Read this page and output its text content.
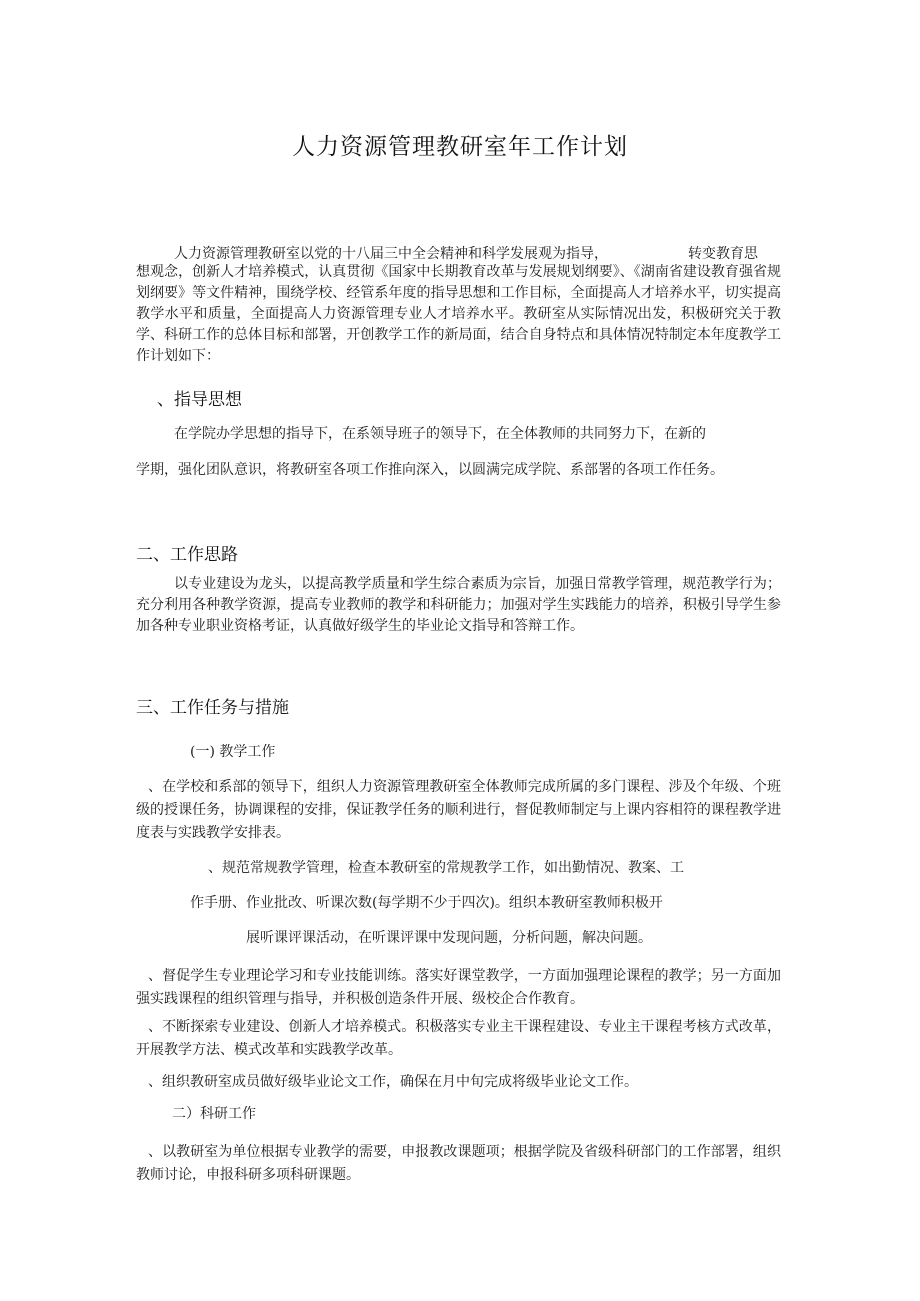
人力资源管理教研室年工作计划

人力资源管理教研室以党的十八届三中全会精神和科学发展观为指导，	转变教育思

想观念，创新人才培养模式，认真贯彻《国家中长期教育改革与发展规划纲要》、《湖南省建设教育强省规划纲要》等文件精神，围绕学校、经管系年度的指导思想和工作目标，全面提高人才培养水平，切实提高教学水平和质量，全面提高人力资源管理专业人才培养水平。教研室从实际情况出发，积极研究关于教学、科研工作的总体目标和部署，开创教学工作的新局面，结合自身特点和具体情况特制定本年度教学工作计划如下：

、指导思想

在学院办学思想的指导下，在系领导班子的领导下，在全体教师的共同努力下，在新的

学期，强化团队意识，将教研室各项工作推向深入，以圆满完成学院、系部署的各项工作任务。

二、工作思路

以专业建设为龙头，以提高教学质量和学生综合素质为宗旨，加强日常教学管理，规范教学行为；充分利用各种教学资源，提高专业教师的教学和科研能力；加强对学生实践能力的培养，积极引导学生参加各种专业职业资格考证，认真做好级学生的毕业论文指导和答辩工作。

三、工作任务与措施

(一) 教学工作

、在学校和系部的领导下，组织人力资源管理教研室全体教师完成所属的多门课程、涉及个年级、个班级的授课任务，协调课程的安排，保证教学任务的顺利进行，督促教师制定与上课内容相符的课程教学进度表与实践教学安排表。

、规范常规教学管理，检查本教研室的常规教学工作，如出勤情况、教案、工

作手册、作业批改、听课次数(每学期不少于四次)。组织本教研室教师积极开

展听课评课活动，在听课评课中发现问题，分析问题，解决问题。

、督促学生专业理论学习和专业技能训练。落实好课堂教学，一方面加强理论课程的教学；另一方面加强实践课程的组织管理与指导，并积极创造条件开展、级校企合作教育。

、不断探索专业建设、创新人才培养模式。积极落实专业主干课程建设、专业主干课程考核方式改革，开展教学方法、模式改革和实践教学改革。

、组织教研室成员做好级毕业论文工作，确保在月中旬完成将级毕业论文工作。

二）科研工作

、以教研室为单位根据专业教学的需要，申报教改课题项；根据学院及省级科研部门的工作部署，组织教师讨论，申报科研多项科研课题。
